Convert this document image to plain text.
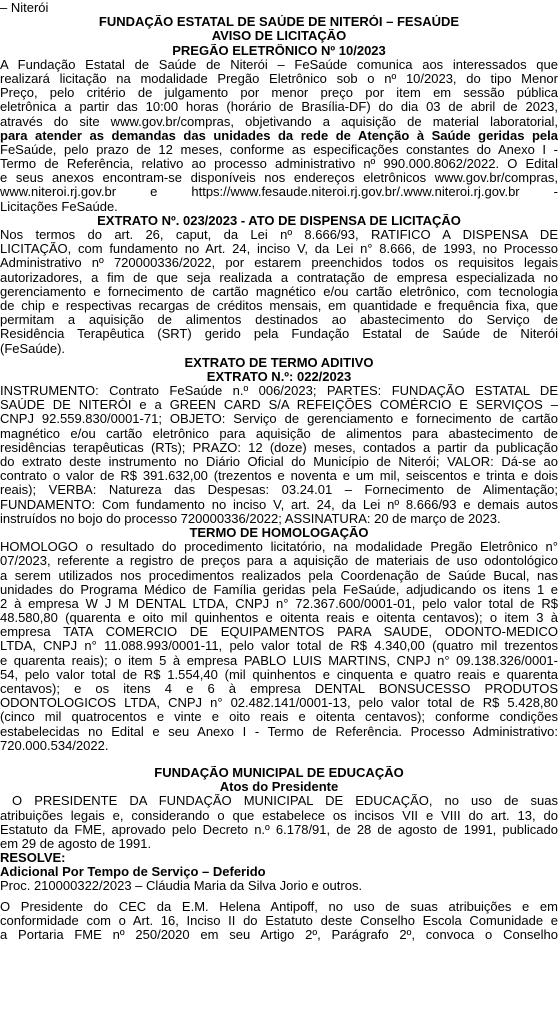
– Niterói
FUNDAÇÃO ESTATAL DE SAÚDE DE NITERÓI – FESAÚDE
AVISO DE LICITAÇÃO
PREGÃO ELETRÔNICO Nº 10/2023
A Fundação Estatal de Saúde de Niterói – FeSaúde comunica aos interessados que
realizará licitação na modalidade Pregão Eletrônico sob o nº 10/2023, do tipo Menor
Preço, pelo critério de julgamento por menor preço por item em sessão pública
eletrônica a partir das 10:00 horas (horário de Brasília-DF) do dia 03 de abril de 2023,
através do site www.gov.br/compras, objetivando a aquisição de material laboratorial,
para atender as demandas das unidades da rede de Atenção à Saúde geridas pela
FeSaúde, pelo prazo de 12 meses, conforme as especificações constantes do Anexo I -
Termo de Referência, relativo ao processo administrativo nº 990.000.8062/2022. O Edital
e seus anexos encontram-se disponíveis nos endereços eletrônicos www.gov.br/compras,
www.niteroi.rj.gov.br   e   https://www.fesaude.niteroi.rj.gov.br/.www.niteroi.rj.gov.br   -
Licitações FeSaúde.
EXTRATO Nº. 023/2023 - ATO DE DISPENSA DE LICITAÇÃO
Nos termos do art. 26, caput, da Lei nº 8.666/93, RATIFICO A DISPENSA DE
LICITAÇÃO, com fundamento no Art. 24, inciso V, da Lei n° 8.666, de 1993, no Processo
Administrativo nº 720000336/2022, por estarem preenchidos todos os requisitos legais
autorizadores, a fim de que seja realizada a contratação de empresa especializada no
gerenciamento e fornecimento de cartão magnético e/ou cartão eletrônico, com tecnologia
de chip e respectivas recargas de créditos mensais, em quantidade e frequência fixa, que
permitam a aquisição de alimentos destinados ao abastecimento do Serviço de
Residência Terapêutica (SRT) gerido pela Fundação Estatal de Saúde de Niterói
(FeSaúde).
EXTRATO DE TERMO ADITIVO
EXTRATO N.º: 022/2023
INSTRUMENTO: Contrato FeSaúde n.º 006/2023; PARTES: FUNDAÇÃO ESTATAL DE
SAÚDE DE NITERÓI e a GREEN CARD S/A REFEIÇÕES COMÉRCIO E SERVIÇOS –
CNPJ 92.559.830/0001-71; OBJETO: Serviço de gerenciamento e fornecimento de cartão
magnético e/ou cartão eletrônico para aquisição de alimentos para abastecimento de
residências terapêuticas (RTs); PRAZO: 12 (doze) meses, contados a partir da publicação
do extrato deste instrumento no Diário Oficial do Município de Niterói; VALOR: Dá-se ao
contrato o valor de R$ 391.632,00 (trezentos e noventa e um mil, seiscentos e trinta e dois
reais); VERBA: Natureza das Despesas: 03.24.01 – Fornecimento de Alimentação;
FUNDAMENTO: Com fundamento no inciso V, art. 24, da Lei nº 8.666/93 e demais autos
instruídos no bojo do processo 720000336/2022; ASSINATURA: 20 de março de 2023.
TERMO DE HOMOLOGAÇÃO
HOMOLOGO o resultado do procedimento licitatório, na modalidade Pregão Eletrônico n°
07/2023, referente a registro de preços para a aquisição de materiais de uso odontológico
a serem utilizados nos procedimentos realizados pela Coordenação de Saúde Bucal, nas
unidades do Programa Médico de Família geridas pela FeSaúde, adjudicando os itens 1 e
2 à empresa W J M DENTAL LTDA, CNPJ n° 72.367.600/0001-01, pelo valor total de R$
48.580,80 (quarenta e oito mil quinhentos e oitenta reais e oitenta centavos); o item 3 à
empresa TATA COMERCIO DE EQUIPAMENTOS PARA SAUDE, ODONTO-MEDICO
LTDA, CNPJ n° 11.088.993/0001-11, pelo valor total de R$ 4.340,00 (quatro mil trezentos
e quarenta reais); o item 5 à empresa PABLO LUIS MARTINS, CNPJ n° 09.138.326/0001-
54, pelo valor total de R$ 1.554,40 (mil quinhentos e cinquenta e quatro reais e quarenta
centavos); e os itens 4 e 6 à empresa DENTAL BONSUCESSO PRODUTOS
ODONTOLOGICOS LTDA, CNPJ n° 02.482.141/0001-13, pelo valor total de R$ 5.428,80
(cinco mil quatrocentos e vinte e oito reais e oitenta centavos); conforme condições
estabelecidas no Edital e seu Anexo I - Termo de Referência. Processo Administrativo:
720.000.534/2022.
FUNDAÇÃO MUNICIPAL DE EDUCAÇÃO
Atos do Presidente
O PRESIDENTE DA FUNDAÇÃO MUNICIPAL DE EDUCAÇÃO, no uso de suas
atribuições legais e, considerando o que estabelece os incisos VII e VIII do art. 13, do
Estatuto da FME, aprovado pelo Decreto n.º 6.178/91, de 28 de agosto de 1991, publicado
em 29 de agosto de 1991.
RESOLVE:
Adicional Por Tempo de Serviço – Deferido
Proc. 210000322/2023 – Cláudia Maria da Silva Jorio e outros.
O Presidente do CEC da E.M. Helena Antipoff, no uso de suas atribuições e em
conformidade com o Art. 16, Inciso II do Estatuto deste Conselho Escola Comunidade e
a Portaria FME nº 250/2020 em seu Artigo 2º, Parágrafo 2º, convoca o Conselho
